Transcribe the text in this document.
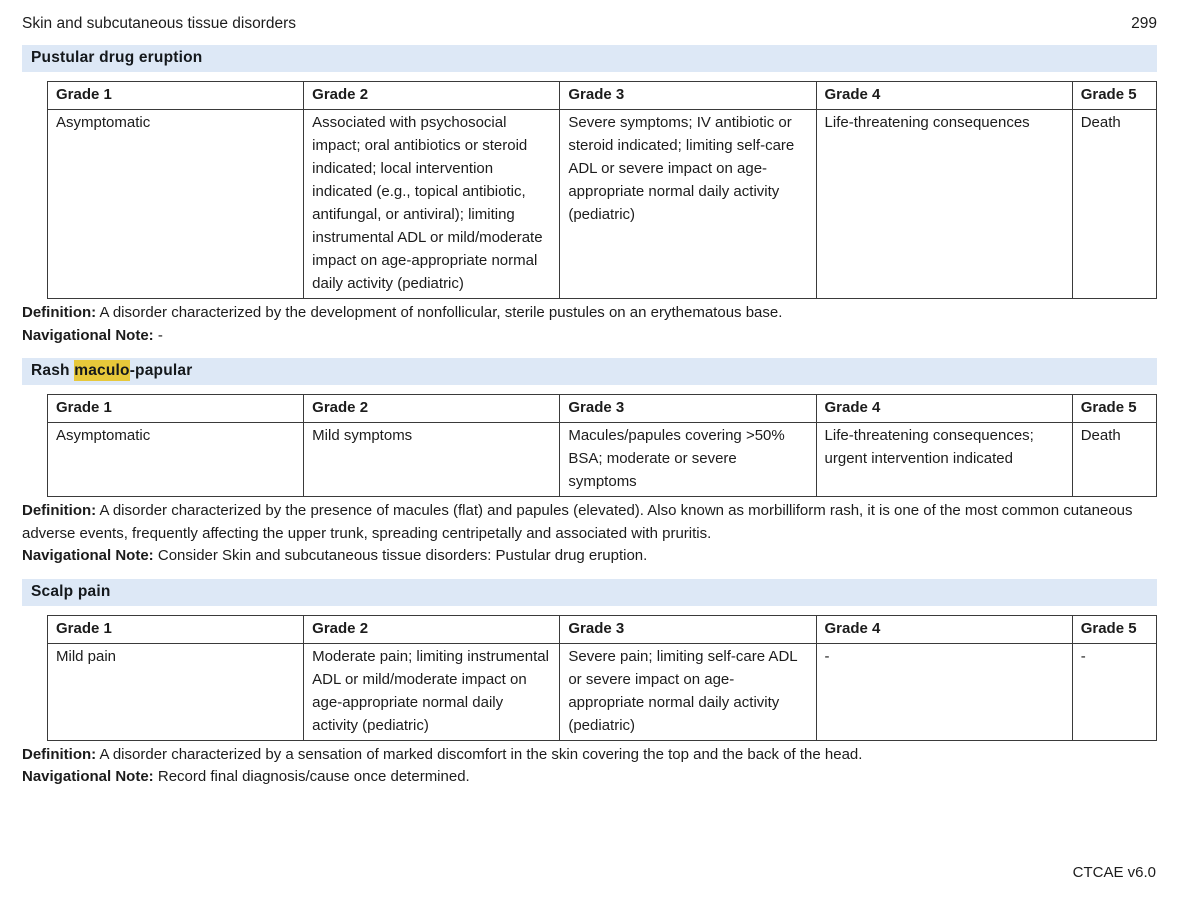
Skin and subcutaneous tissue disorders	299
Pustular drug eruption
Grade 1	Grade 2	Grade 3	Grade 4	Grade 5
Asymptomatic	Associated with psychosocial impact; oral antibiotics or steroid indicated; local intervention indicated (e.g., topical antibiotic, antifungal, or antiviral); limiting instrumental ADL or mild/moderate impact on age-appropriate normal daily activity (pediatric)	Severe symptoms; IV antibiotic or steroid indicated; limiting self-care ADL or severe impact on age-appropriate normal daily activity (pediatric)	Life-threatening consequences	Death
Definition: A disorder characterized by the development of nonfollicular, sterile pustules on an erythematous base.
Navigational Note: -
Rash maculo-papular
Grade 1	Grade 2	Grade 3	Grade 4	Grade 5
Asymptomatic	Mild symptoms	Macules/papules covering >50% BSA; moderate or severe symptoms	Life-threatening consequences; urgent intervention indicated	Death
Definition: A disorder characterized by the presence of macules (flat) and papules (elevated). Also known as morbilliform rash, it is one of the most common cutaneous adverse events, frequently affecting the upper trunk, spreading centripetally and associated with pruritis.
Navigational Note: Consider Skin and subcutaneous tissue disorders: Pustular drug eruption.
Scalp pain
Grade 1	Grade 2	Grade 3	Grade 4	Grade 5
Mild pain	Moderate pain; limiting instrumental ADL or mild/moderate impact on age-appropriate normal daily activity (pediatric)	Severe pain; limiting self-care ADL or severe impact on age-appropriate normal daily activity (pediatric)	-	-
Definition: A disorder characterized by a sensation of marked discomfort in the skin covering the top and the back of the head.
Navigational Note: Record final diagnosis/cause once determined.
CTCAE v6.0
